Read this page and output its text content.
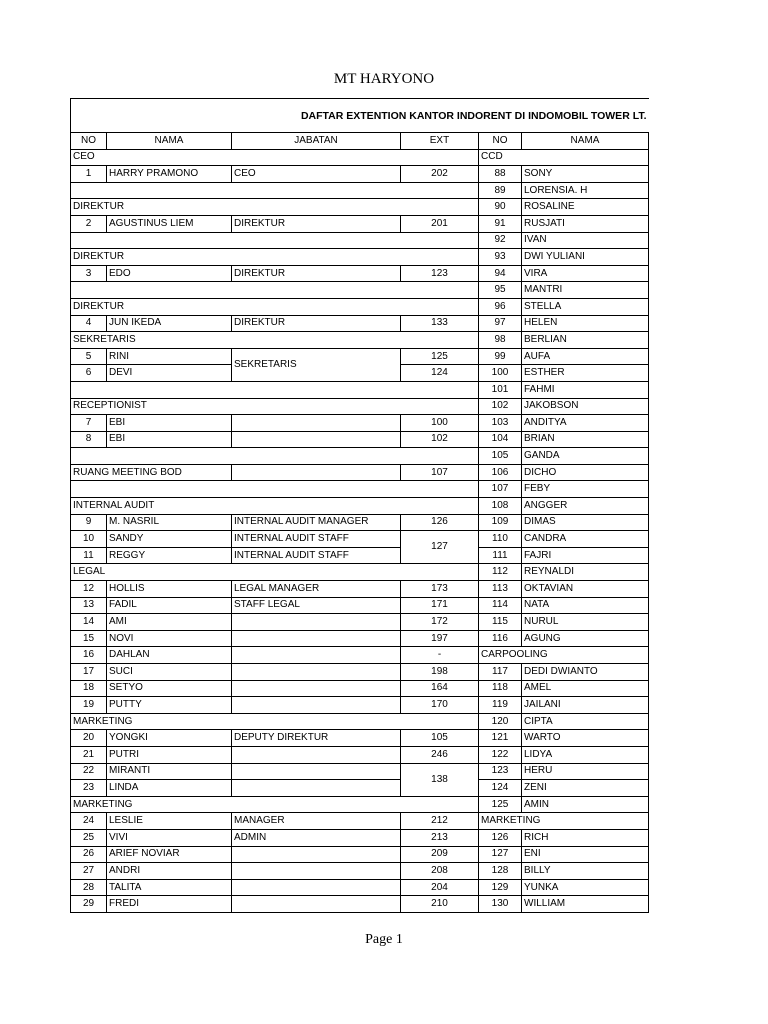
MT HARYONO
DAFTAR EXTENTION KANTOR INDORENT DI INDOMOBIL TOWER LT.					
NO	NAMA	JABATAN	EXT	NO	NAMA
CEO				CCD	
1	HARRY PRAMONO	CEO	202	88	SONY
				89	LORENSIA. H
DIREKTUR				90	ROSALINE
2	AGUSTINUS LIEM	DIREKTUR	201	91	RUSJATI
				92	IVAN
DIREKTUR				93	DWI YULIANI
3	EDO	DIREKTUR	123	94	VIRA
				95	MANTRI
DIREKTUR				96	STELLA
4	JUN IKEDA	DIREKTUR	133	97	HELEN
SEKRETARIS				98	BERLIAN
5	RINI	SEKRETARIS	125	99	AUFA
6	DEVI		124	100	ESTHER
				101	FAHMI
RECEPTIONIST				102	JAKOBSON
7	EBI		100	103	ANDITYA
8	EBI		102	104	BRIAN
				105	GANDA
RUANG MEETING BOD			107	106	DICHO
				107	FEBY
INTERNAL AUDIT				108	ANGGER
9	M. NASRIL	INTERNAL AUDIT MANAGER	126	109	DIMAS
10	SANDY	INTERNAL AUDIT STAFF	127	110	CANDRA
11	REGGY	INTERNAL AUDIT STAFF		111	FAJRI
LEGAL				112	REYNALDI
12	HOLLIS	LEGAL MANAGER	173	113	OKTAVIAN
13	FADIL	STAFF LEGAL	171	114	NATA
14	AMI		172	115	NURUL
15	NOVI		197	116	AGUNG
16	DAHLAN		-	CARPOOLING	
17	SUCI		198	117	DEDI DWIANTO
18	SETYO		164	118	AMEL
19	PUTTY		170	119	JAILANI
MARKETING				120	CIPTA
20	YONGKI	DEPUTY DIREKTUR	105	121	WARTO
21	PUTRI		246	122	LIDYA
22	MIRANTI		138	123	HERU
23	LINDA			124	ZENI
MARKETING				125	AMIN
24	LESLIE	MANAGER	212	MARKETING	
25	VIVI	ADMIN	213	126	RICH
26	ARIEF NOVIAR		209	127	ENI
27	ANDRI		208	128	BILLY
28	TALITA		204	129	YUNKA
29	FREDI		210	130	WILLIAM
Page 1
